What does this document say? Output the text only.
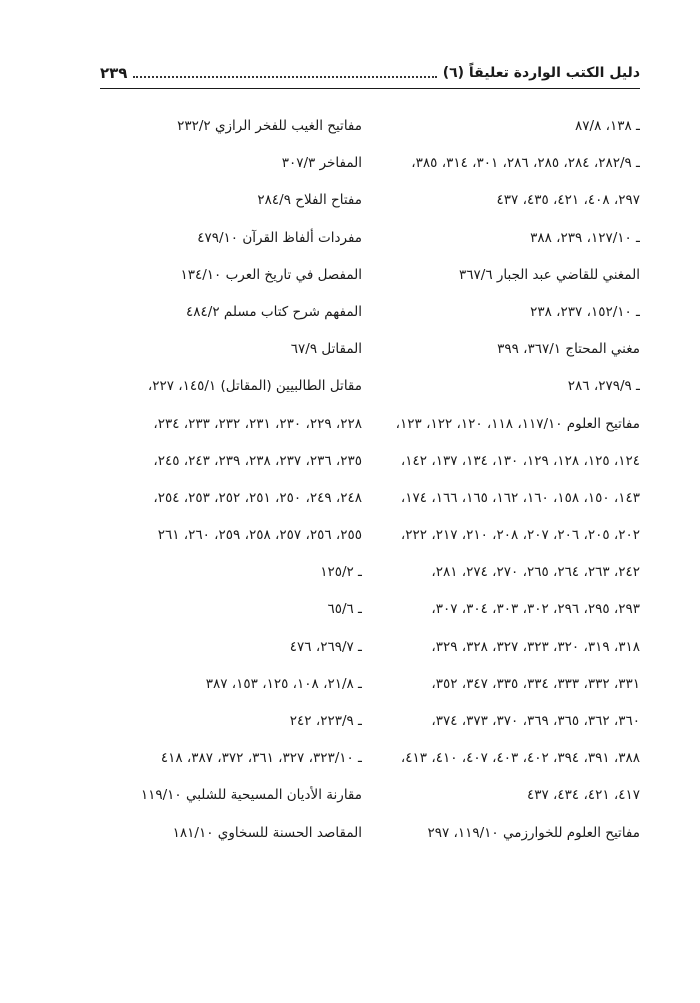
دليل الكتب الواردة تعليقاً (٦)
٢٣٩
ـ ١٣٨، ٨٧/٨
ـ ٢٨٢/٩، ٢٨٤، ٢٨٥، ٢٨٦، ٣٠١، ٣١٤، ٣٨٥،
٢٩٧، ٤٠٨، ٤٢١، ٤٣٥، ٤٣٧
ـ ١٢٧/١٠، ٢٣٩، ٣٨٨
المغني للقاضي عبد الجبار ٣٦٧/٦
ـ ١٥٢/١٠، ٢٣٧، ٢٣٨
مغني المحتاج ٣٦٧/١، ٣٩٩
ـ ٢٧٩/٩، ٢٨٦
مفاتيح العلوم ١١٧/١٠، ١١٨، ١٢٠، ١٢٢، ١٢٣،
١٢٤، ١٢٥، ١٢٨، ١٢٩، ١٣٠، ١٣٤، ١٣٧، ١٤٢،
١٤٣، ١٥٠، ١٥٨، ١٦٠، ١٦٢، ١٦٥، ١٦٦، ١٧٤،
٢٠٢، ٢٠٥، ٢٠٦، ٢٠٧، ٢٠٨، ٢١٠، ٢١٧، ٢٢٢،
٢٤٢، ٢٦٣، ٢٦٤، ٢٦٥، ٢٧٠، ٢٧٤، ٢٨١،
٢٩٣، ٢٩٥، ٢٩٦، ٣٠٢، ٣٠٣، ٣٠٤، ٣٠٧،
٣١٨، ٣١٩، ٣٢٠، ٣٢٣، ٣٢٧، ٣٢٨، ٣٢٩،
٣٣١، ٣٣٢، ٣٣٣، ٣٣٤، ٣٣٥، ٣٤٧، ٣٥٢،
٣٦٠، ٣٦٢، ٣٦٥، ٣٦٩، ٣٧٠، ٣٧٣، ٣٧٤،
٣٨٨، ٣٩١، ٣٩٤، ٤٠٢، ٤٠٣، ٤٠٧، ٤١٠، ٤١٣،
٤١٧، ٤٢١، ٤٣٤، ٤٣٧
مفاتيح العلوم للخوارزمي ١١٩/١٠، ٢٩٧
مفاتيح الغيب للفخر الرازي ٢٣٢/٢
المفاخر ٣٠٧/٣
مفتاح الفلاح ٢٨٤/٩
مفردات ألفاظ القرآن ٤٧٩/١٠
المفصل في تاريخ العرب ١٣٤/١٠
المفهم شرح كتاب مسلم ٤٨٤/٢
المقاتل ٦٧/٩
مقاتل الطالبيين (المقاتل) ١٤٥/١، ٢٢٧،
٢٢٨، ٢٢٩، ٢٣٠، ٢٣١، ٢٣٢، ٢٣٣، ٢٣٤،
٢٣٥، ٢٣٦، ٢٣٧، ٢٣٨، ٢٣٩، ٢٤٣، ٢٤٥،
٢٤٨، ٢٤٩، ٢٥٠، ٢٥١، ٢٥٢، ٢٥٣، ٢٥٤،
٢٥٥، ٢٥٦، ٢٥٧، ٢٥٨، ٢٥٩، ٢٦٠، ٢٦١
ـ ١٢٥/٢
ـ ٦٥/٦
ـ ٢٦٩/٧، ٤٧٦
ـ ٢١/٨، ١٠٨، ١٢٥، ١٥٣، ٣٨٧
ـ ٢٢٣/٩، ٢٤٢
ـ ٣٢٣/١٠، ٣٢٧، ٣٦١، ٣٧٢، ٣٨٧، ٤١٨
مقارنة الأديان المسيحية للشلبي ١١٩/١٠
المقاصد الحسنة للسخاوي ١٨١/١٠
